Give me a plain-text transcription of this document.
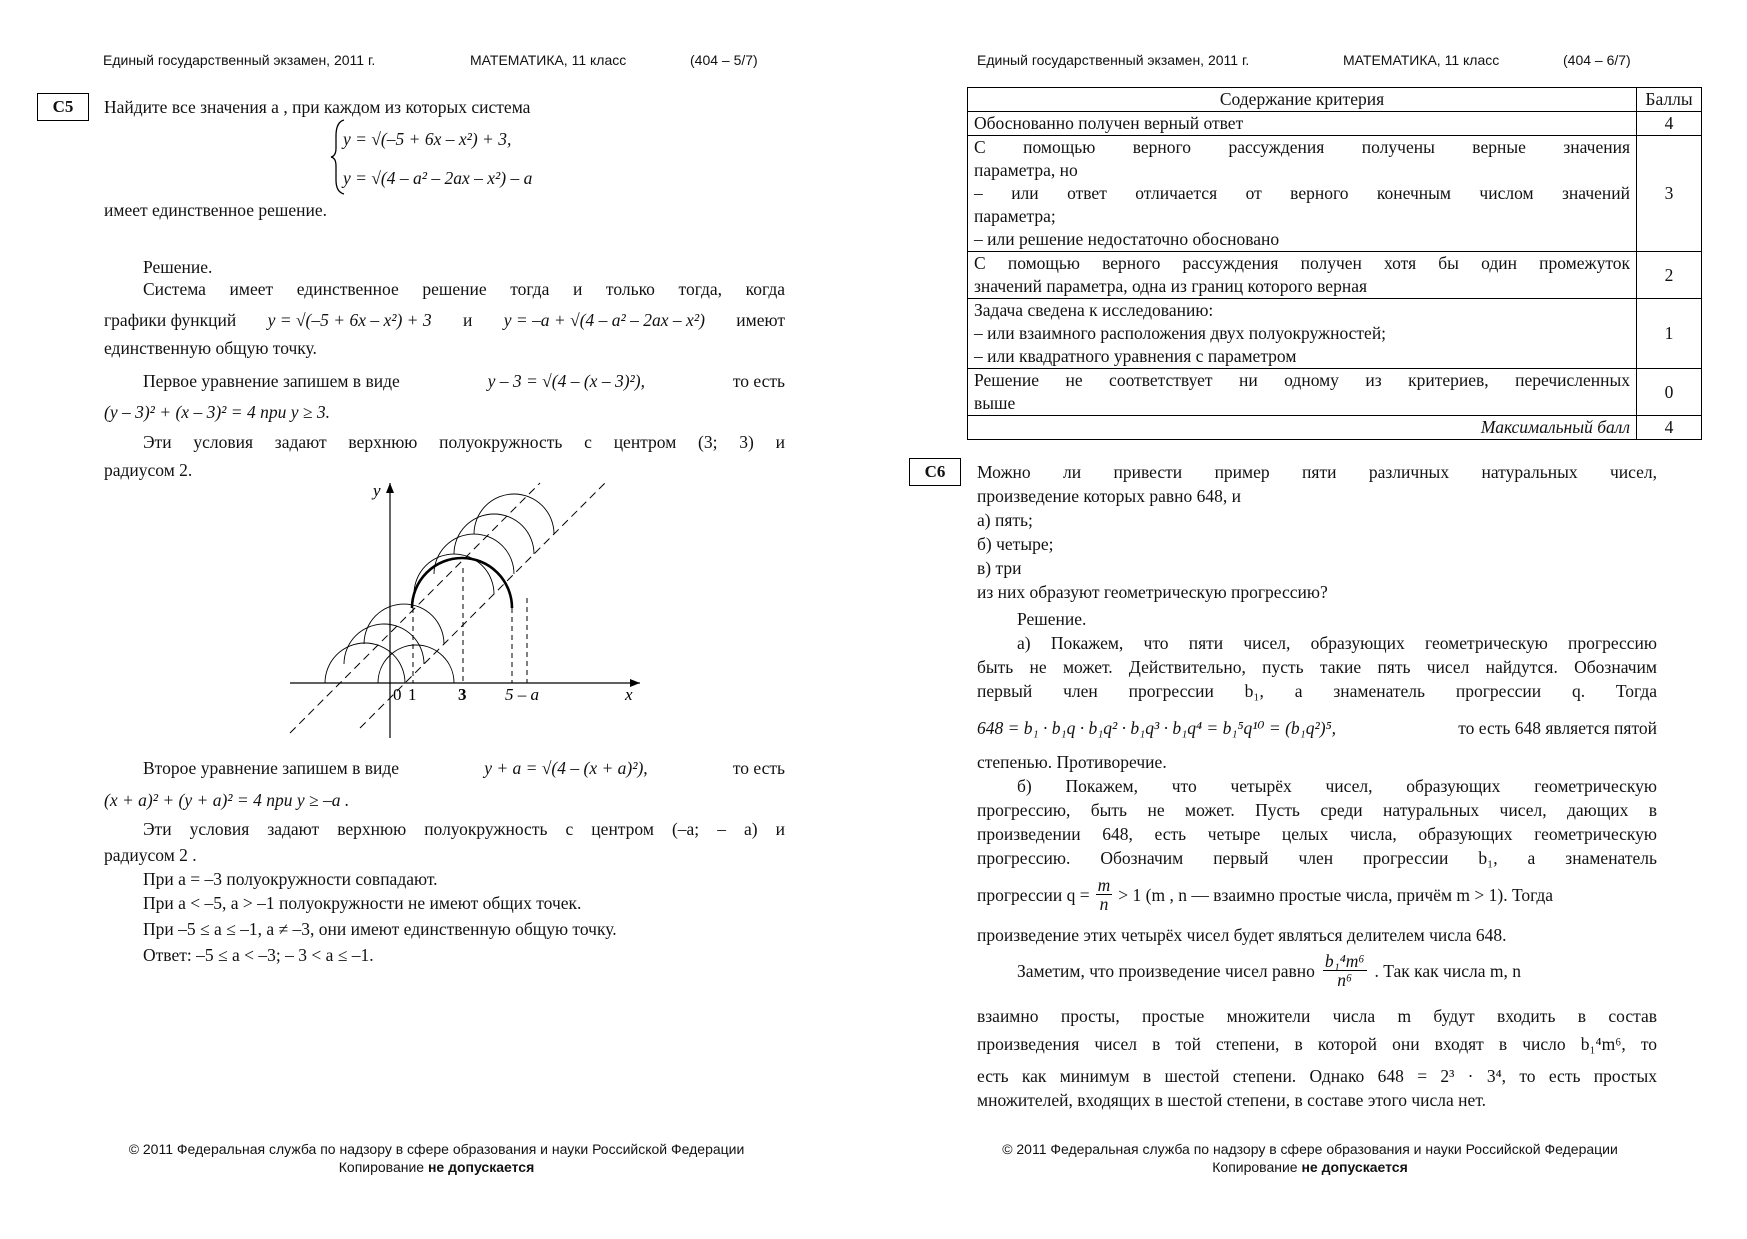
Единый государственный экзамен, 2011 г.	МАТЕМАТИКА, 11 класс	(404 – 5/7)
C5	Найдите все значения a , при каждом из которых система
y = √(–5 + 6x – x²) + 3,
y = √(4 – a² – 2ax – x²) – a
имеет единственное решение.
Решение.
Система имеет единственное решение тогда и только тогда, когда
графики функций y = √(–5 + 6x – x²) + 3 и y = –a + √(4 – a² – 2ax – x²) имеют
единственную общую точку.
Первое уравнение запишем в виде	y – 3 = √(4 – (x – 3)²),	то есть
(y – 3)² + (x – 3)² = 4 при y ≥ 3.
Эти условия задают верхнюю полуокружность с центром (3; 3) и
радиусом 2.
y
x
0 1 3 5 – a
Второе уравнение запишем в виде	y + a = √(4 – (x + a)²),	то есть
(x + a)² + (y + a)² = 4 при y ≥ –a .
Эти условия задают верхнюю полуокружность с центром (–a; – a) и
радиусом 2 .
При a = –3 полуокружности совпадают.
При a < –5, a > –1 полуокружности не имеют общих точек.
При –5 ≤ a ≤ –1, a ≠ –3, они имеют единственную общую точку.
Ответ: –5 ≤ a < –3; – 3 < a ≤ –1.
© 2011 Федеральная служба по надзору в сфере образования и науки Российской Федерации
Копирование не допускается
Единый государственный экзамен, 2011 г.	МАТЕМАТИКА, 11 класс	(404 – 6/7)
Содержание критерия	Баллы
Обоснованно получен верный ответ	4

С помощью верного рассуждения получены верные значения
параметра, но
– или ответ отличается от верного конечным числом значений
параметра;
– или решение недостаточно обосновано	3

С помощью верного рассуждения получен хотя бы один промежуток
значений параметра, одна из границ которого верная	2

Задача сведена к исследованию:
– или взаимного расположения двух полуокружностей;
– или квадратного уравнения с параметром	1

Решение не соответствует ни одному из критериев, перечисленных
выше	0
Максимальный балл	4
C6	Можно ли привести пример пяти различных натуральных чисел,
произведение которых равно 648, и
а) пять;
б) четыре;
в) три
из них образуют геометрическую прогрессию?
Решение.
а) Покажем, что пяти чисел, образующих геометрическую прогрессию
быть не может. Действительно, пусть такие пять чисел найдутся. Обозначим
первый член прогрессии b₁, а знаменатель прогрессии q. Тогда
648 = b₁ · b₁q · b₁q² · b₁q³ · b₁q⁴ = b₁⁵q¹⁰ = (b₁q²)⁵,	то есть 648 является пятой
степенью. Противоречие.
б) Покажем, что четырёх чисел, образующих геометрическую
прогрессию, быть не может. Пусть среди натуральных чисел, дающих в
произведении 648, есть четыре целых числа, образующих геометрическую
прогрессию. Обозначим первый член прогрессии b₁, а знаменатель
прогрессии $q = \frac{m}{n} > 1$ (m , n — взаимно простые числа, причём m > 1). Тогда
произведение этих четырёх чисел будет являться делителем числа 648.
Заметим, что произведение чисел равно $\frac{\text{b₁⁴m⁶}}{\text{n⁶}}$ . Так как числа m, n
взаимно просты, простые множители числа m будут входить в состав
произведения чисел в той степени, в которой они входят в число b₁⁴m⁶, то
есть как минимум в шестой степени. Однако 648 = 2³ · 3⁴, то есть простых
множителей, входящих в шестой степени, в составе этого числа нет.
© 2011 Федеральная служба по надзору в сфере образования и науки Российской Федерации
Копирование не допускается
